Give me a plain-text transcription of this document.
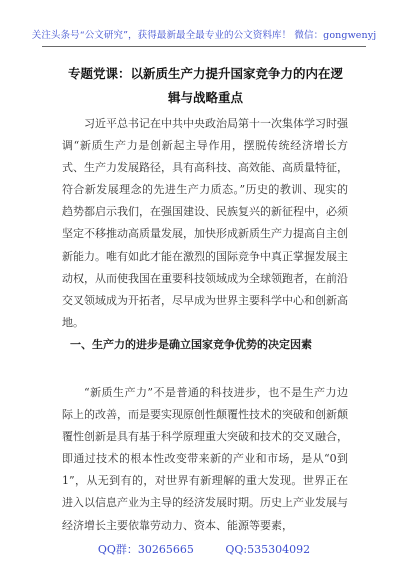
关注头条号“公文研究”，获得最新最全最专业的公文资料库！ 微信：gongwenyj
专题党课：以新质生产力提升国家竞争力的内在逻辑与战略重点

习近平总书记在中共中央政治局第十一次集体学习时强调“新质生产力是创新起主导作用，摆脱传统经济增长方式、生产力发展路径，具有高科技、高效能、高质量特征，符合新发展理念的先进生产力质态。”历史的教训、现实的趋势都启示我们，在强国建设、民族复兴的新征程中，必须坚定不移推动高质量发展，加快形成新质生产力提高自主创新能力。唯有如此才能在激烈的国际竞争中真正掌握发展主动权，从而使我国在重要科技领域成为全球领跑者，在前沿交叉领域成为开拓者，尽早成为世界主要科学中心和创新高地。

一、生产力的进步是确立国家竞争优势的决定因素

“新质生产力”不是普通的科技进步，也不是生产力边际上的改善，而是要实现原创性颠覆性技术的突破和创新颠覆性创新是具有基于科学原理重大突破和技术的交叉融合，即通过技术的根本性改变带来新的产业和市场，是从“0到1”，从无到有的，对世界有新理解的重大发现。世界正在进入以信息产业为主导的经济发展时期。历史上产业发展与经济增长主要依靠劳动力、资本、能源等要素，

QQ群：30265665	QQ:535304092
